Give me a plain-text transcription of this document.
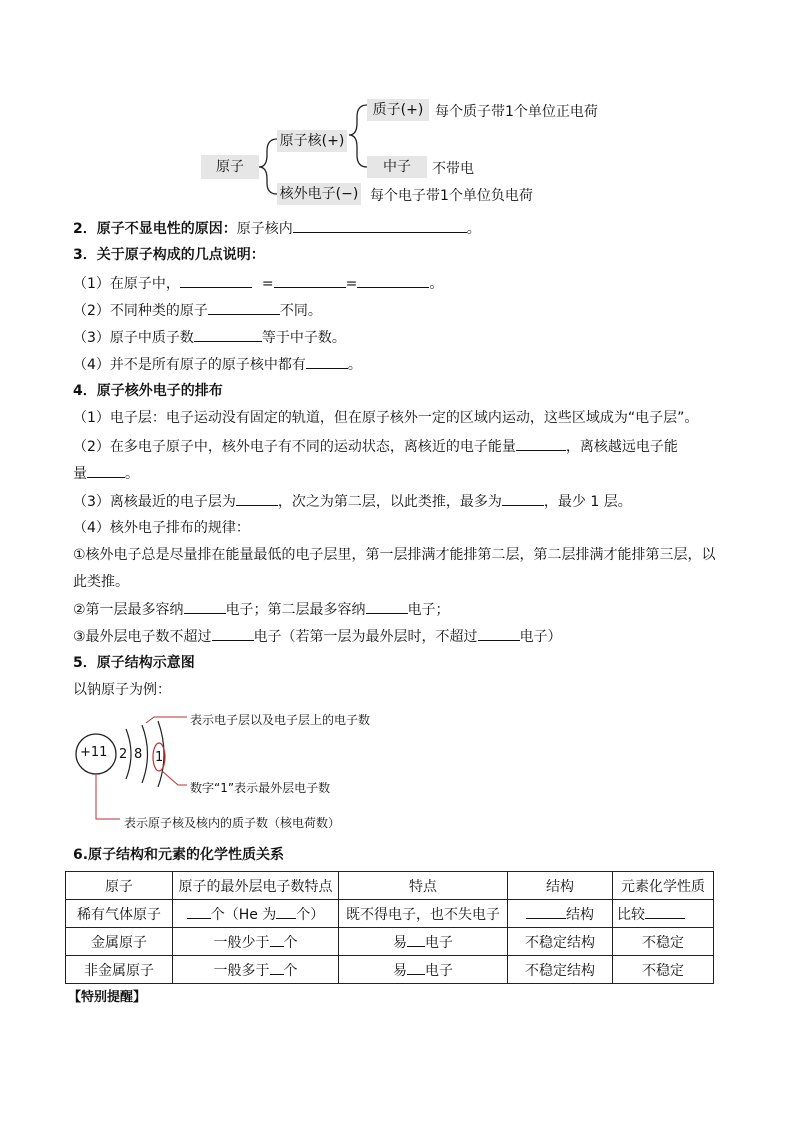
原子
原子核(+)
质子(+) 每个质子带1个单位正电荷
中子	不带电
核外电子(−) 每个电子带1个单位负电荷
2．原子不显电性的原因：原子核内	。
3．关于原子构成的几点说明：
（1）在原子中，	=	=	。
（2）不同种类的原子	不同。
（3）原子中质子数	等于中子数。
（4）并不是所有原子的原子核中都有	。
4．原子核外电子的排布
（1）电子层：电子运动没有固定的轨道，但在原子核外一定的区域内运动，这些区域成为“电子层”。
（2）在多电子原子中，核外电子有不同的运动状态，离核近的电子能量	，离核越远电子能
量	。
（3）离核最近的电子层为	，次之为第二层，以此类推，最多为	，最少 1 层。
（4）核外电子排布的规律：
①核外电子总是尽量排在能量最低的电子层里，第一层排满才能排第二层，第二层排满才能排第三层，以
此类推。
②第一层最多容纳	电子；第二层最多容纳	电子；
③最外层电子数不超过	电子（若第一层为最外层时，不超过	电子）
5．原子结构示意图
以钠原子为例：
+11 2 8 1
表示电子层以及电子层上的电子数
数字“1”表示最外层电子数
表示原子核及核内的质子数（核电荷数）
6.原子结构和元素的化学性质关系
原子	原子的最外层电子数特点	特点	结构	元素化学性质
稀有气体原子	个（He 为 个）	既不得电子，也不失电子	结构	比较
金属原子	一般少于 个	易 电子	不稳定结构	不稳定
非金属原子	一般多于 个	易 电子	不稳定结构	不稳定
【特别提醒】
